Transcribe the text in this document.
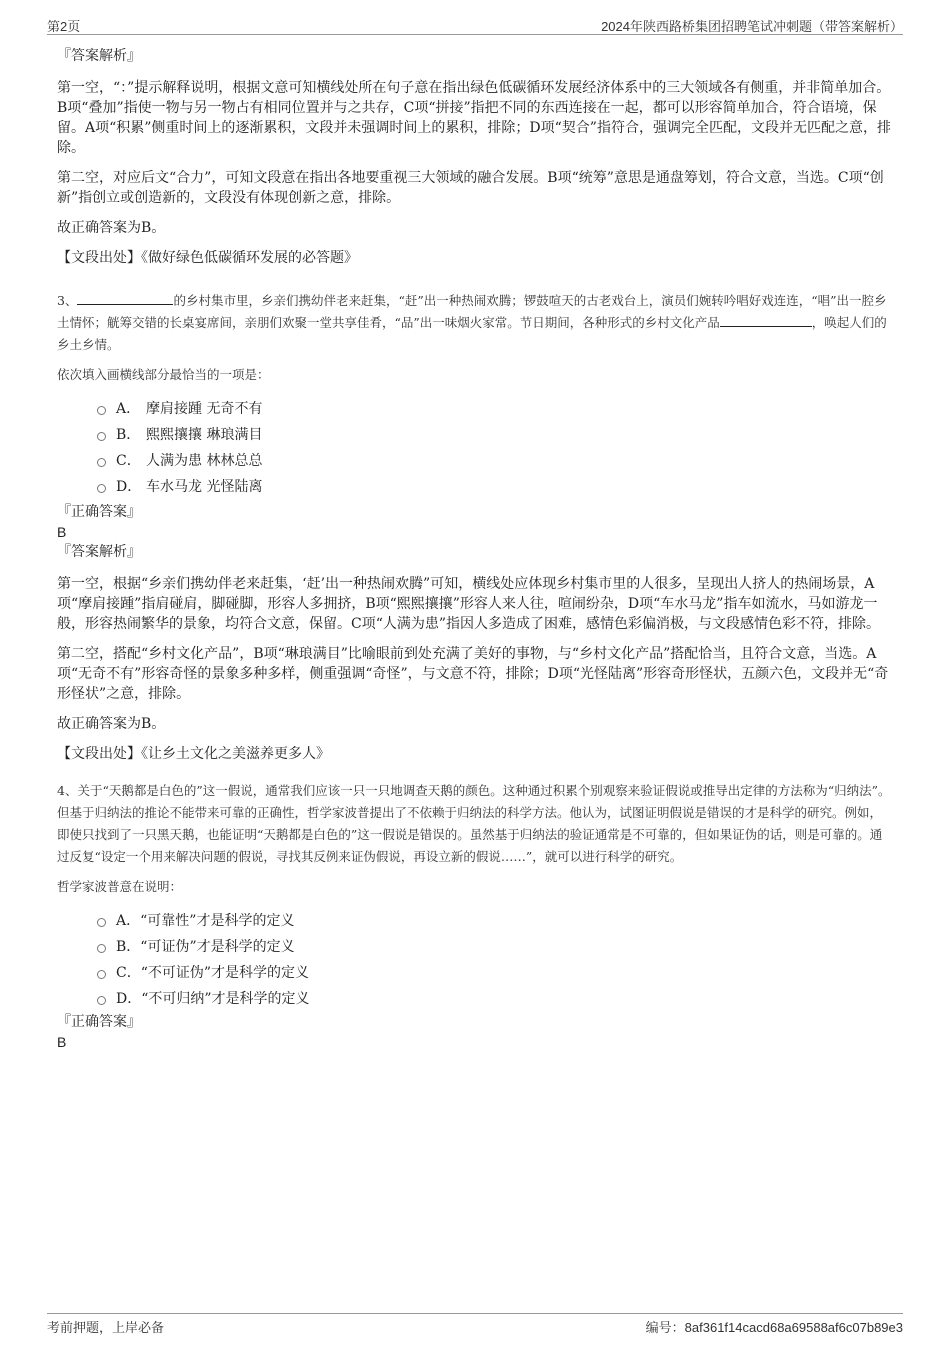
第2页	2024年陕西路桥集团招聘笔试冲刺题（带答案解析）
『答案解析』

第一空，“：”提示解释说明，根据文意可知横线处所在句子意在指出绿色低碳循环发展经济体系中的三大领域各有侧重，并非简单加合。B项“叠加”指使一物与另一物占有相同位置并与之共存，C项“拼接”指把不同的东西连接在一起，都可以形容简单加合，符合语境，保留。A项“积累”侧重时间上的逐渐累积，文段并未强调时间上的累积，排除；D项“契合”指符合，强调完全匹配，文段并无匹配之意，排除。

第二空，对应后文“合力”，可知文段意在指出各地要重视三大领域的融合发展。B项“统筹”意思是通盘筹划，符合文意，当选。C项“创新”指创立或创造新的，文段没有体现创新之意，排除。

故正确答案为B。

【文段出处】《做好绿色低碳循环发展的必答题》

3、	的乡村集市里，乡亲们携幼伴老来赶集，“赶”出一种热闹欢腾；锣鼓喧天的古老戏台上，演员们婉转吟唱好戏连连，“唱”出一腔乡土情怀；觥筹交错的长桌宴席间，亲朋们欢聚一堂共享佳肴，“品”出一味烟火家常。节日期间，各种形式的乡村文化产品	，唤起人们的乡土乡情。

依次填入画横线部分最恰当的一项是：

A． 摩肩接踵 无奇不有
B． 熙熙攘攘 琳琅满目
C． 人满为患 林林总总
D． 车水马龙 光怪陆离
『正确答案』
B
『答案解析』

第一空，根据“乡亲们携幼伴老来赶集，‘赶’出一种热闹欢腾”可知，横线处应体现乡村集市里的人很多，呈现出人挤人的热闹场景，A项“摩肩接踵”指肩碰肩，脚碰脚，形容人多拥挤，B项“熙熙攘攘”形容人来人往，喧闹纷杂，D项“车水马龙”指车如流水，马如游龙一般，形容热闹繁华的景象，均符合文意，保留。C项“人满为患”指因人多造成了困难，感情色彩偏消极，与文段感情色彩不符，排除。

第二空，搭配“乡村文化产品”，B项“琳琅满目”比喻眼前到处充满了美好的事物，与“乡村文化产品”搭配恰当，且符合文意，当选。A项“无奇不有”形容奇怪的景象多种多样，侧重强调“奇怪”，与文意不符，排除；D项“光怪陆离”形容奇形怪状，五颜六色，文段并无“奇形怪状”之意，排除。

故正确答案为B。

【文段出处】《让乡土文化之美滋养更多人》

4、关于“天鹅都是白色的”这一假说，通常我们应该一只一只地调查天鹅的颜色。这种通过积累个别观察来验证假说或推导出定律的方法称为“归纳法”。但基于归纳法的推论不能带来可靠的正确性，哲学家波普提出了不依赖于归纳法的科学方法。他认为，试图证明假说是错误的才是科学的研究。例如，即使只找到了一只黑天鹅，也能证明“天鹅都是白色的”这一假说是错误的。虽然基于归纳法的验证通常是不可靠的，但如果证伪的话，则是可靠的。通过反复“设定一个用来解决问题的假说，寻找其反例来证伪假说，再设立新的假说……”，就可以进行科学的研究。

哲学家波普意在说明：

A． “可靠性”才是科学的定义
B． “可证伪”才是科学的定义
C． “不可证伪”才是科学的定义
D． “不可归纳”才是科学的定义
『正确答案』
B
考前押题，上岸必备	编号：8af361f14cacd68a69588af6c07b89e3
